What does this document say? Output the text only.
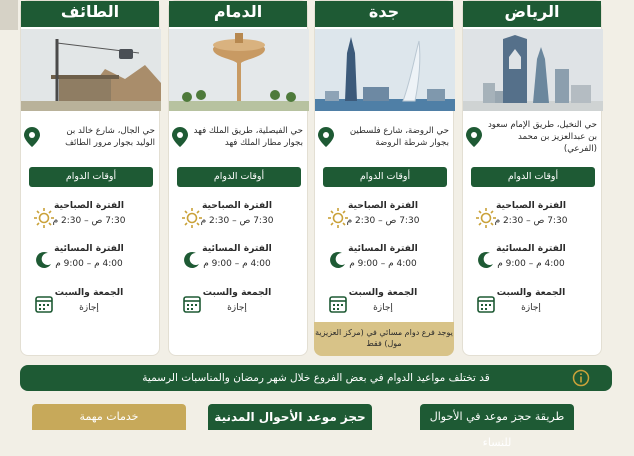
الرياض
حي النخيل، طريق الإمام سعود بن عبدالعزيز بن محمد (الفرعي)
أوقات الدوام
الفترة الصباحية
7:30 ص – 2:30 م
الفترة المسائية
4:00 م – 9:00 م
الجمعة والسبت
إجازة
جدة
حي الروضة، شارع فلسطين بجوار شرطة الروضة
أوقات الدوام
الفترة الصباحية
7:30 ص – 2:30 م
الفترة المسائية
4:00 م – 9:00 م
الجمعة والسبت
إجازة
الدمام
حي الفيصلية، طريق الملك فهد بجوار مطار الملك فهد
أوقات الدوام
الفترة الصباحية
7:30 ص – 2:30 م
الفترة المسائية
4:00 م – 9:00 م
الجمعة والسبت
إجازة
الطائف
حي الجال، شارع خالد بن الوليد بجوار مرور الطائف
أوقات الدوام
الفترة الصباحية
7:30 ص – 2:30 م
الفترة المسائية
4:00 م – 9:00 م
الجمعة والسبت
إجازة
يوجد فرع دوام مسائي في (مركز العزيزية مول) فقط
قد تختلف مواعيد الدوام في بعض الفروع خلال شهر رمضان والمناسبات الرسمية
طريقة حجز موعد في الأحوال للنساء
حجز موعد الأحوال المدنية
خدمات مهمة
